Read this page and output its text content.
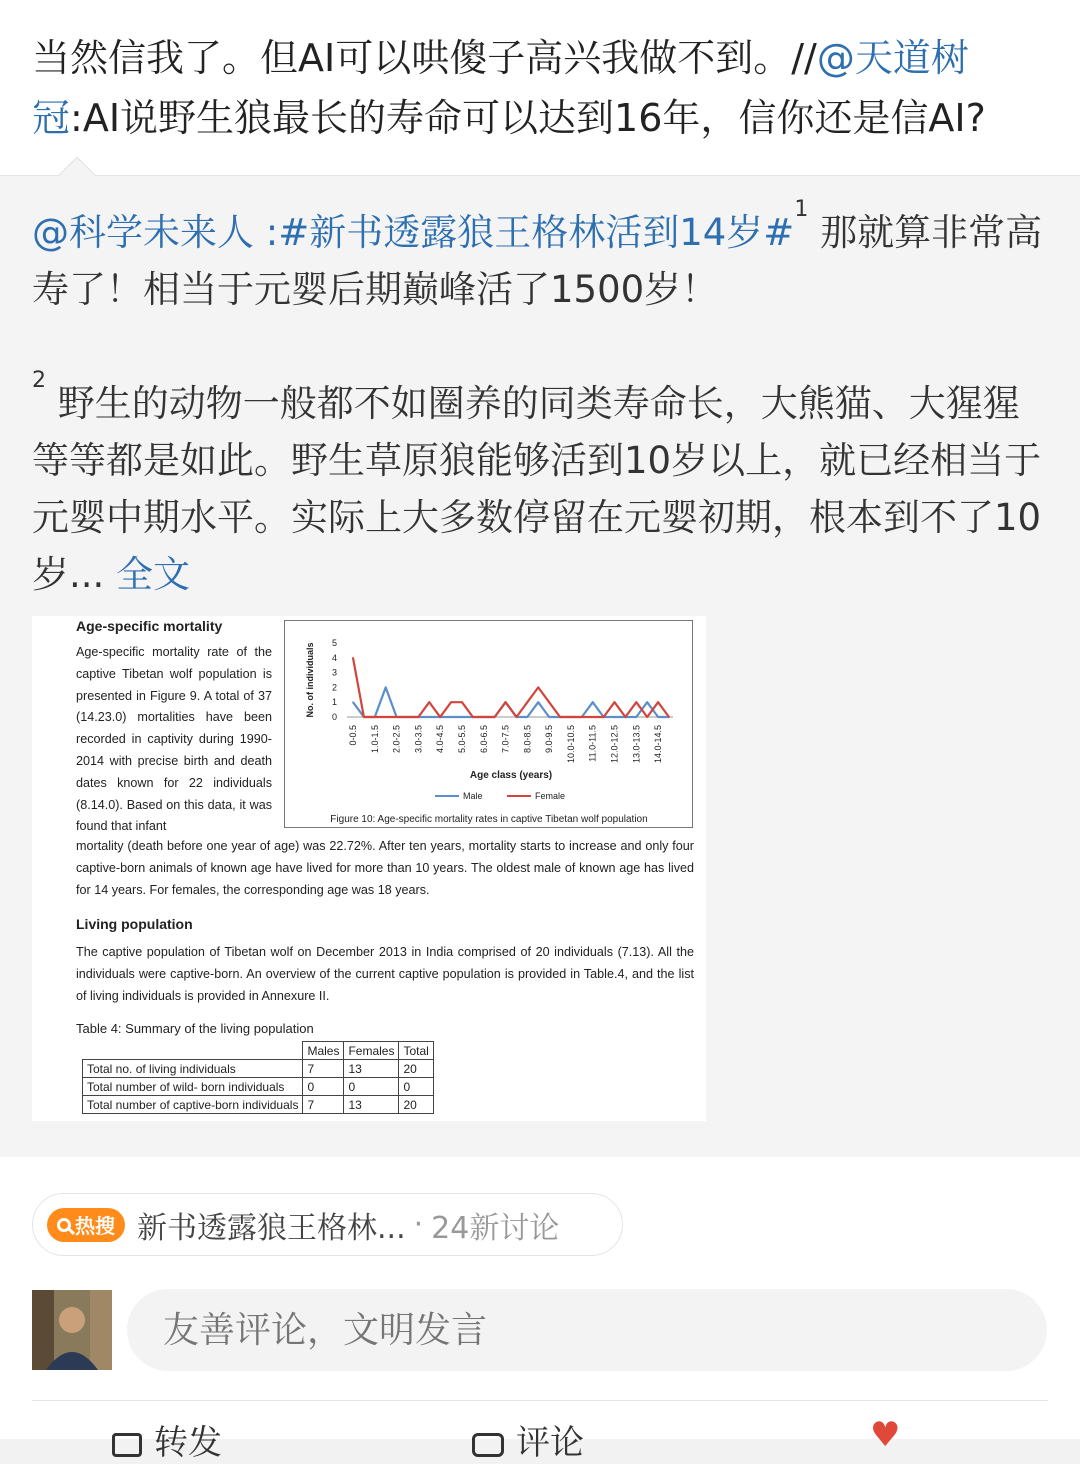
当然信我了。但AI可以哄傻子高兴我做不到。//@天道树冠:AI说野生狼最长的寿命可以达到16年，信你还是信AI?
@科学未来人 :#新书透露狼王格林活到14岁#$^1$ 那就算非常高寿了！相当于元婴后期巅峰活了1500岁！
$^2$ 野生的动物一般都不如圈养的同类寿命长，大熊猫、大猩猩等等都是如此。野生草原狼能够活到10岁以上，就已经相当于元婴中期水平。实际上大多数停留在元婴初期，根本到不了10岁... 全文
Age-specific mortality
Age-specific mortality rate of the captive Tibetan wolf population is presented in Figure 9. A total of 37 (14.23.0) mortalities have been recorded in captivity during 1990-2014 with precise birth and death dates known for 22 individuals (8.14.0). Based on this data, it was found that infant
5
4
3
2
1
0
No. of individuals
0-0.5 1.0-1.5 2.0-2.5 3.0-3.5 4.0-4.5 5.0-5.5 6.0-6.5 7.0-7.5 8.0-8.5 9.0-9.5 10.0-10.5 11.0-11.5 12.0-12.5 13.0-13.5 14.0-14.5
Age class (years)
Male	Female
Figure 10: Age-specific mortality rates in captive Tibetan wolf population
mortality (death before one year of age) was 22.72%. After ten years, mortality starts to increase and only four captive-born animals of known age have lived for more than 10 years. The oldest male of known age has lived for 14 years. For females, the corresponding age was 18 years.
Living population
The captive population of Tibetan wolf on December 2013 in India comprised of 20 individuals (7.13). All the individuals were captive-born. An overview of the current captive population is provided in Table.4, and the list of living individuals is provided in Annexure II.
Table 4: Summary of the living population
	Males	Females	Total
Total no. of living individuals	7	13	20
Total number of wild- born individuals	0	0	0
Total number of captive-born individuals	7	13	20
热搜 新书透露狼王格林... · 24新讨论
友善评论，文明发言
转发	评论	♥
